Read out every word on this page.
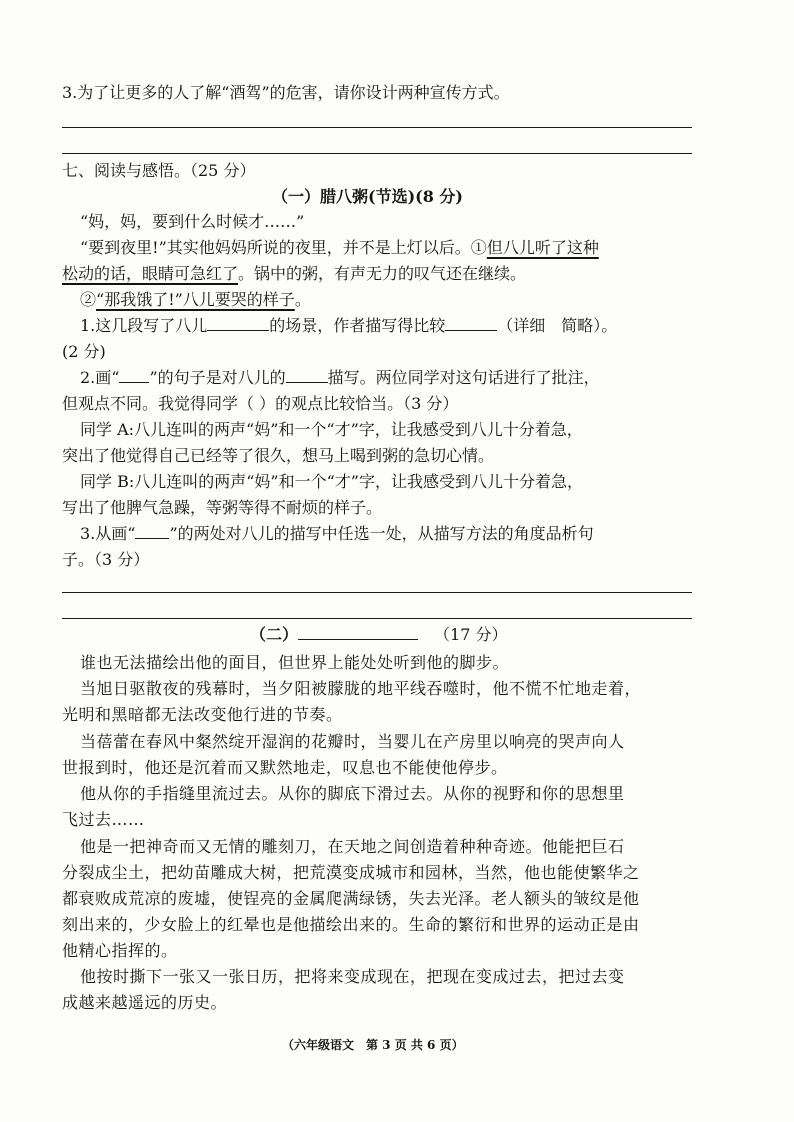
3.为了让更多的人了解“酒驾”的危害，请你设计两种宣传方式。
七、阅读与感悟。（25 分）
（一）腊八粥(节选)(8 分)
“妈，妈，要到什么时候才……”
“要到夜里!”其实他妈妈所说的夜里，并不是上灯以后。①但八儿听了这种
松动的话，眼睛可急红了。锅中的粥，有声无力的叹气还在继续。
②“那我饿了!”八儿要哭的样子。
1.这几段写了八儿	的场景，作者描写得比较	（详细　简略）。
(2 分)
2.画“ ”的句子是对八儿的	描写。两位同学对这句话进行了批注，
但观点不同。我觉得同学（ ）的观点比较恰当。（3 分）
同学 A:八儿连叫的两声“妈”和一个“才”字，让我感受到八儿十分着急，
突出了他觉得自己已经等了很久，想马上喝到粥的急切心情。
同学 B:八儿连叫的两声“妈”和一个“才”字，让我感受到八儿十分着急，
写出了他脾气急躁，等粥等得不耐烦的样子。
3.从画“ ”的两处对八儿的描写中任选一处，从描写方法的角度品析句
子。（3 分）
（二）	（17 分）
谁也无法描绘出他的面目，但世界上能处处听到他的脚步。
当旭日驱散夜的残幕时，当夕阳被朦胧的地平线吞噬时，他不慌不忙地走着，
光明和黑暗都无法改变他行进的节奏。
当蓓蕾在春风中粲然绽开湿润的花瓣时，当婴儿在产房里以响亮的哭声向人
世报到时，他还是沉着而又默然地走，叹息也不能使他停步。
他从你的手指缝里流过去。从你的脚底下滑过去。从你的视野和你的思想里
飞过去……
他是一把神奇而又无情的雕刻刀，在天地之间创造着种种奇迹。他能把巨石
分裂成尘土，把幼苗雕成大树，把荒漠变成城市和园林，当然，他也能使繁华之
都衰败成荒凉的废墟，使锃亮的金属爬满绿锈，失去光泽。老人额头的皱纹是他
刻出来的，少女脸上的红晕也是他描绘出来的。生命的繁衍和世界的运动正是由
他精心指挥的。
他按时撕下一张又一张日历，把将来变成现在，把现在变成过去，把过去变
成越来越遥远的历史。
（六年级语文　第 3 页 共 6 页）
